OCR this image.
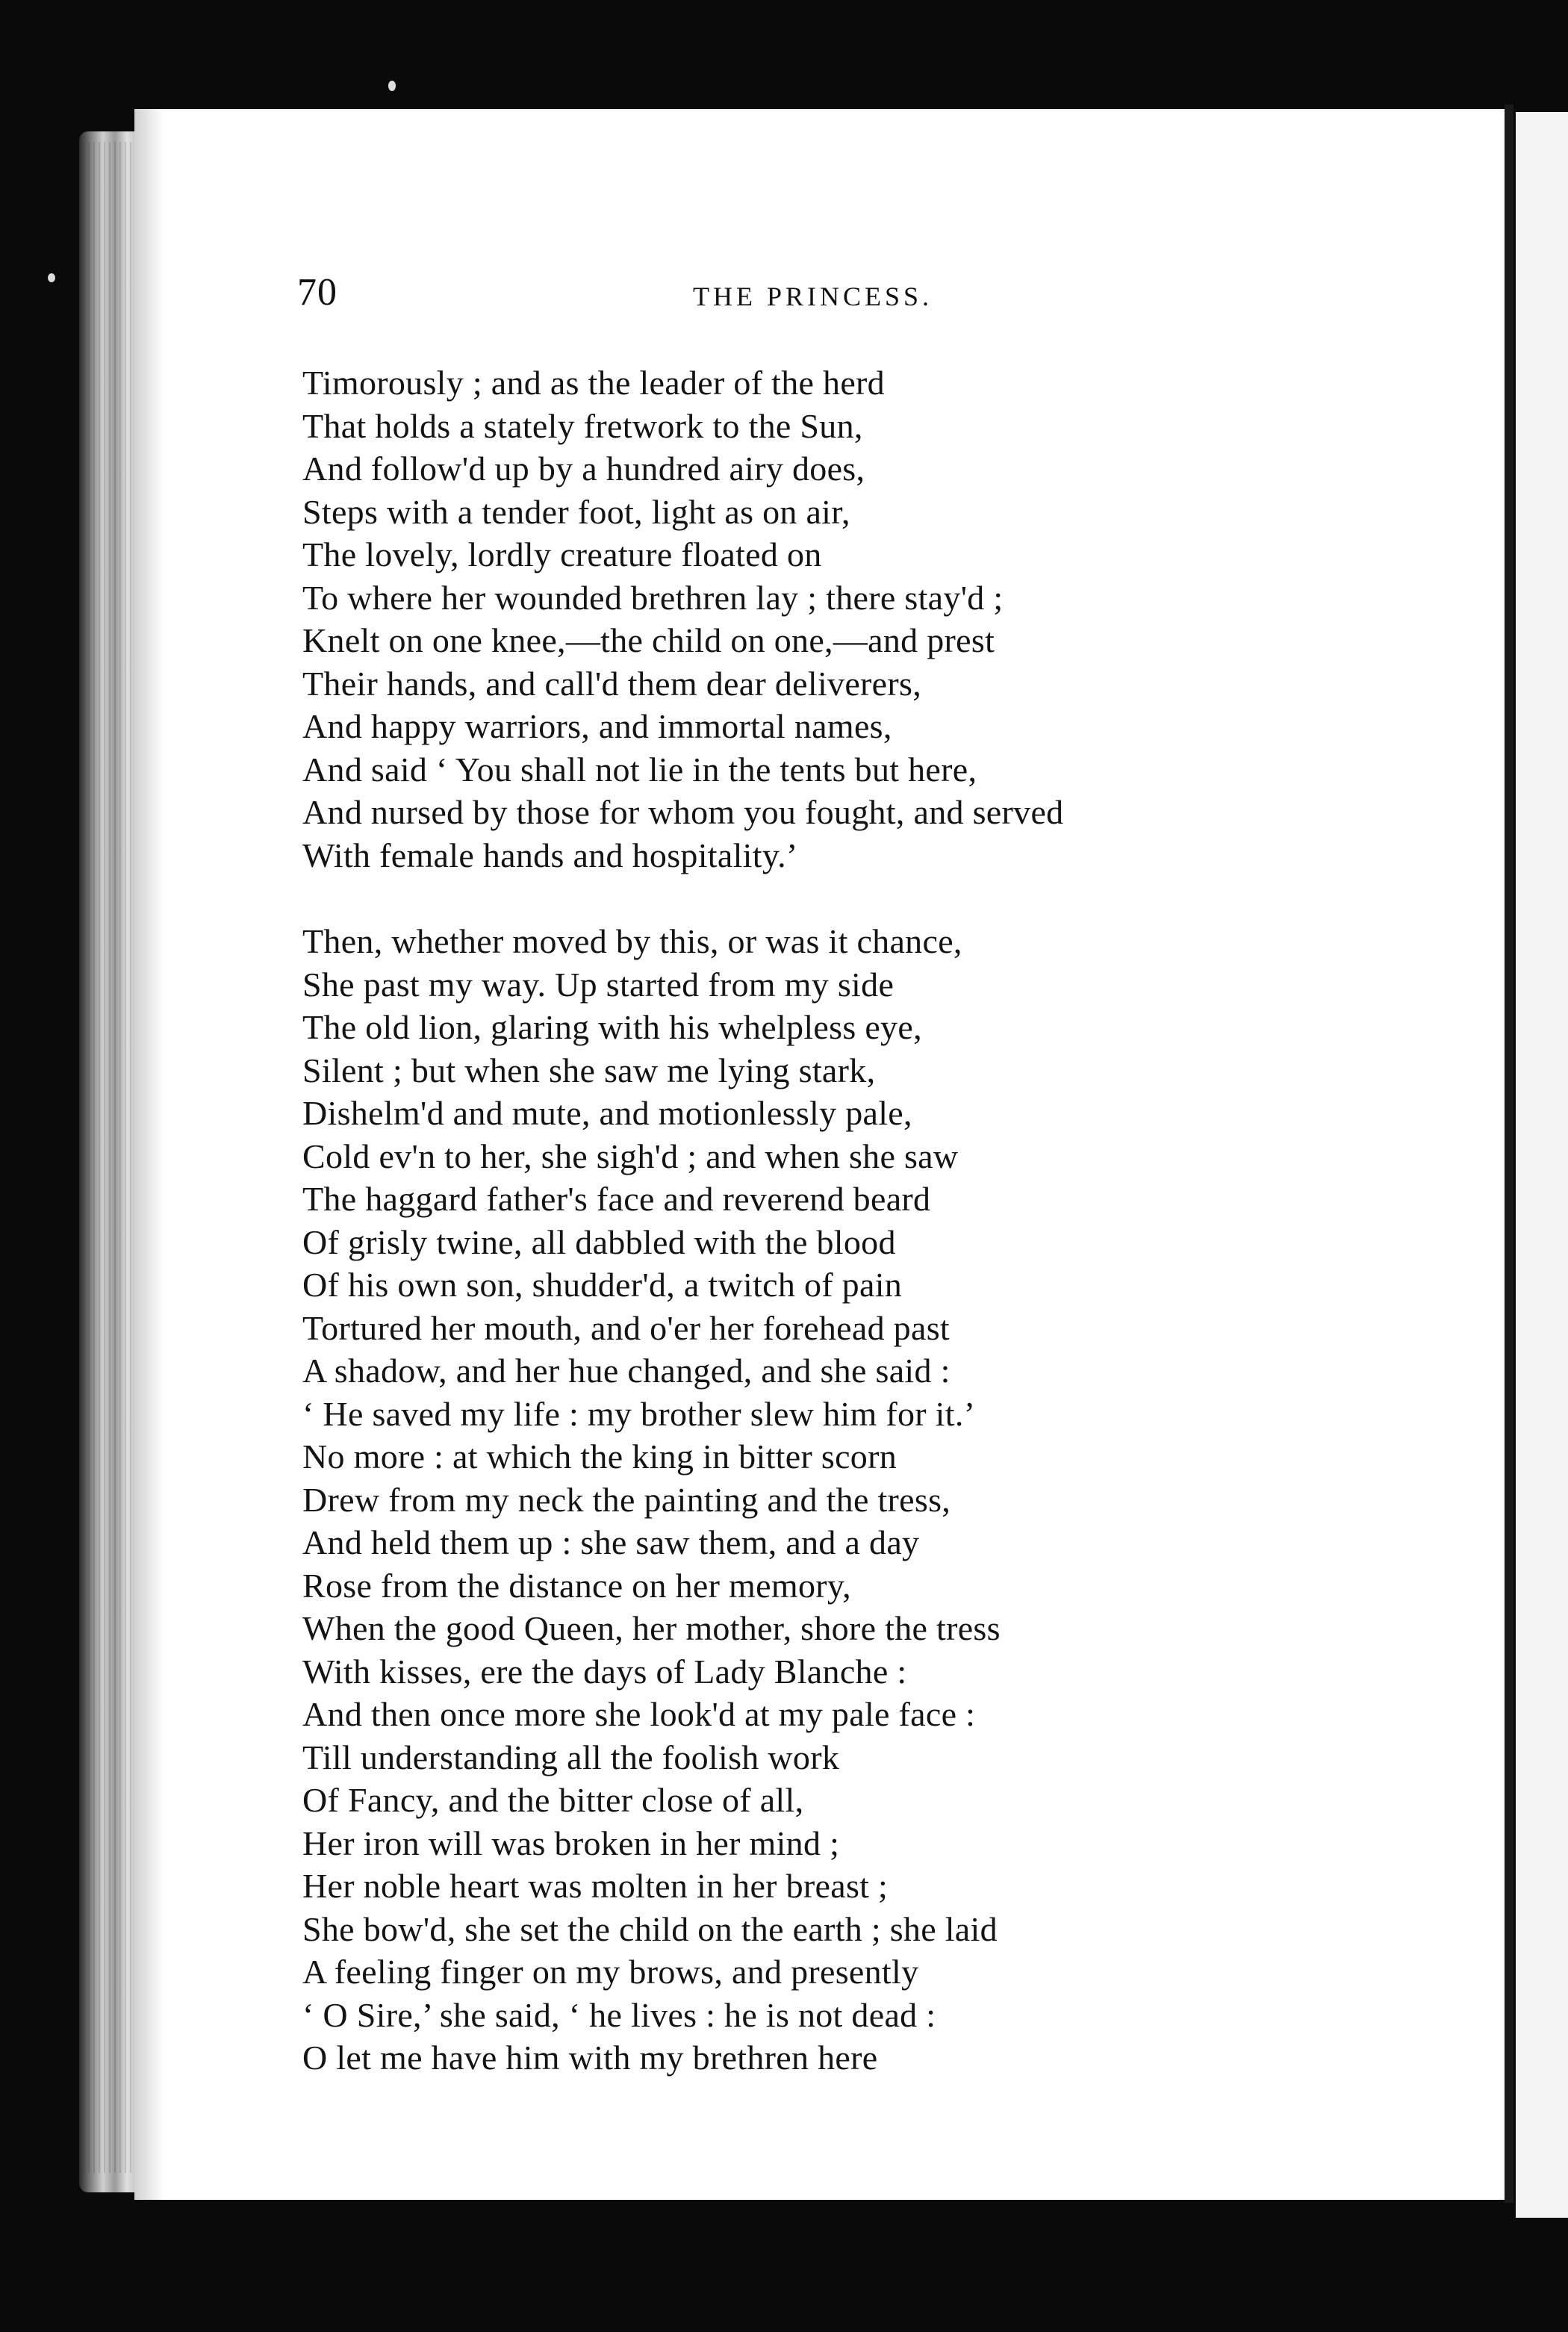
70	THE PRINCESS.
Timorously ; and as the leader of the herd
That holds a stately fretwork to the Sun,
And follow'd up by a hundred airy does,
Steps with a tender foot, light as on air,
The lovely, lordly creature floated on
To where her wounded brethren lay ; there stay'd ;
Knelt on one knee,—the child on one,—and prest
Their hands, and call'd them dear deliverers,
And happy warriors, and immortal names,
And said ‘ You shall not lie in the tents but here,
And nursed by those for whom you fought, and served
With female hands and hospitality.’
Then, whether moved by this, or was it chance,
She past my way. Up started from my side
The old lion, glaring with his whelpless eye,
Silent ; but when she saw me lying stark,
Dishelm'd and mute, and motionlessly pale,
Cold ev'n to her, she sigh'd ; and when she saw
The haggard father's face and reverend beard
Of grisly twine, all dabbled with the blood
Of his own son, shudder'd, a twitch of pain
Tortured her mouth, and o'er her forehead past
A shadow, and her hue changed, and she said :
‘ He saved my life : my brother slew him for it.’
No more : at which the king in bitter scorn
Drew from my neck the painting and the tress,
And held them up : she saw them, and a day
Rose from the distance on her memory,
When the good Queen, her mother, shore the tress
With kisses, ere the days of Lady Blanche :
And then once more she look'd at my pale face :
Till understanding all the foolish work
Of Fancy, and the bitter close of all,
Her iron will was broken in her mind ;
Her noble heart was molten in her breast ;
She bow'd, she set the child on the earth ; she laid
A feeling finger on my brows, and presently
‘ O Sire,’ she said, ‘ he lives : he is not dead :
O let me have him with my brethren here
